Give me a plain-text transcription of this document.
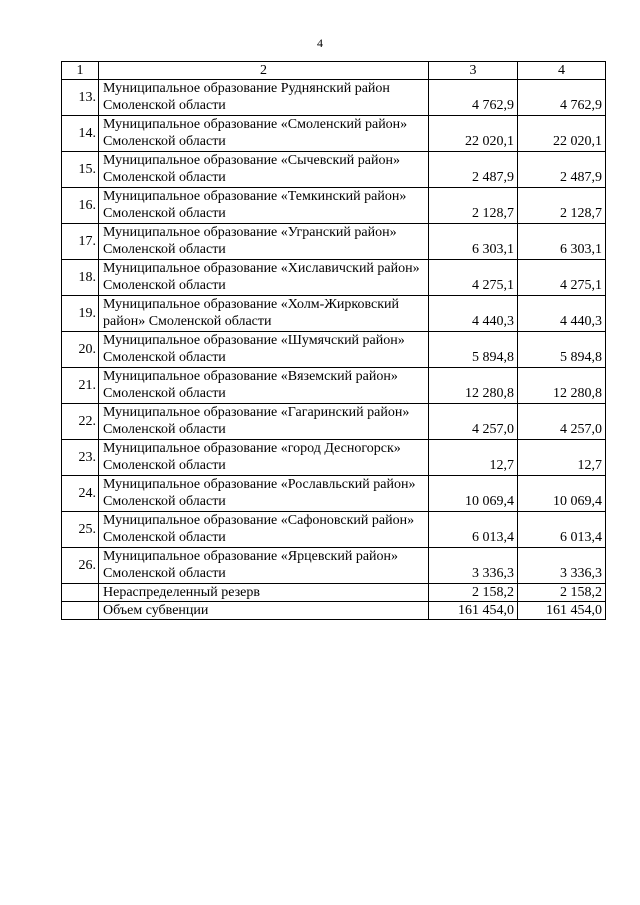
4
1	2	3	4
13.	Муниципальное образование Руднянский район Смоленской области	4 762,9	4 762,9
14.	Муниципальное образование «Смоленский район» Смоленской области	22 020,1	22 020,1
15.	Муниципальное образование «Сычевский район» Смоленской области	2 487,9	2 487,9
16.	Муниципальное образование «Темкинский район» Смоленской области	2 128,7	2 128,7
17.	Муниципальное образование «Угранский район» Смоленской области	6 303,1	6 303,1
18.	Муниципальное образование «Хиславичский район» Смоленской области	4 275,1	4 275,1
19.	Муниципальное образование «Холм-Жирковский район» Смоленской области	4 440,3	4 440,3
20.	Муниципальное образование «Шумячский район» Смоленской области	5 894,8	5 894,8
21.	Муниципальное образование «Вяземский район» Смоленской области	12 280,8	12 280,8
22.	Муниципальное образование «Гагаринский район» Смоленской области	4 257,0	4 257,0
23.	Муниципальное образование «город Десногорск» Смоленской области	12,7	12,7
24.	Муниципальное образование «Рославльский район» Смоленской области	10 069,4	10 069,4
25.	Муниципальное образование «Сафоновский район» Смоленской области	6 013,4	6 013,4
26.	Муниципальное образование «Ярцевский район» Смоленской области	3 336,3	3 336,3
	Нераспределенный резерв	2 158,2	2 158,2
	Объем субвенции	161 454,0	161 454,0
